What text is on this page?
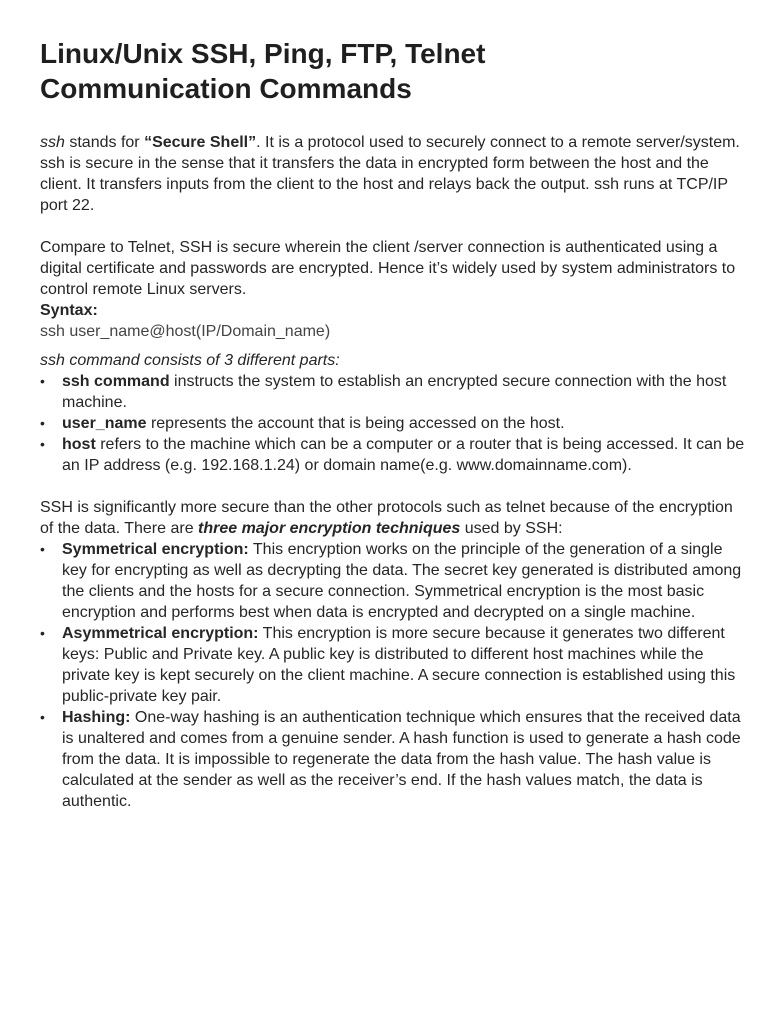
Linux/Unix SSH, Ping, FTP, Telnet
Communication Commands

ssh stands for “Secure Shell”. It is a protocol used to securely connect to a remote server/system. ssh is secure in the sense that it transfers the data in encrypted form between the host and the client. It transfers inputs from the client to the host and relays back the output. ssh runs at TCP/IP port 22.

Compare to Telnet, SSH is secure wherein the client /server connection is authenticated using a digital certificate and passwords are encrypted. Hence it’s widely used by system administrators to control remote Linux servers.

Syntax:
ssh user_name@host(IP/Domain_name)

ssh command consists of 3 different parts:

•	ssh command instructs the system to establish an encrypted secure connection with the host machine.
•	user_name represents the account that is being accessed on the host.
•	host refers to the machine which can be a computer or a router that is being accessed. It can be an IP address (e.g. 192.168.1.24) or domain name(e.g. www.domainname.com).

SSH is significantly more secure than the other protocols such as telnet because of the encryption of the data. There are three major encryption techniques used by SSH:

•	Symmetrical encryption: This encryption works on the principle of the generation of a single key for encrypting as well as decrypting the data. The secret key generated is distributed among the clients and the hosts for a secure connection. Symmetrical encryption is the most basic encryption and performs best when data is encrypted and decrypted on a single machine.
•	Asymmetrical encryption: This encryption is more secure because it generates two different keys: Public and Private key. A public key is distributed to different host machines while the private key is kept securely on the client machine. A secure connection is established using this public-private key pair.
•	Hashing: One-way hashing is an authentication technique which ensures that the received data is unaltered and comes from a genuine sender. A hash function is used to generate a hash code from the data. It is impossible to regenerate the data from the hash value. The hash value is calculated at the sender as well as the receiver’s end. If the hash values match, the data is authentic.
